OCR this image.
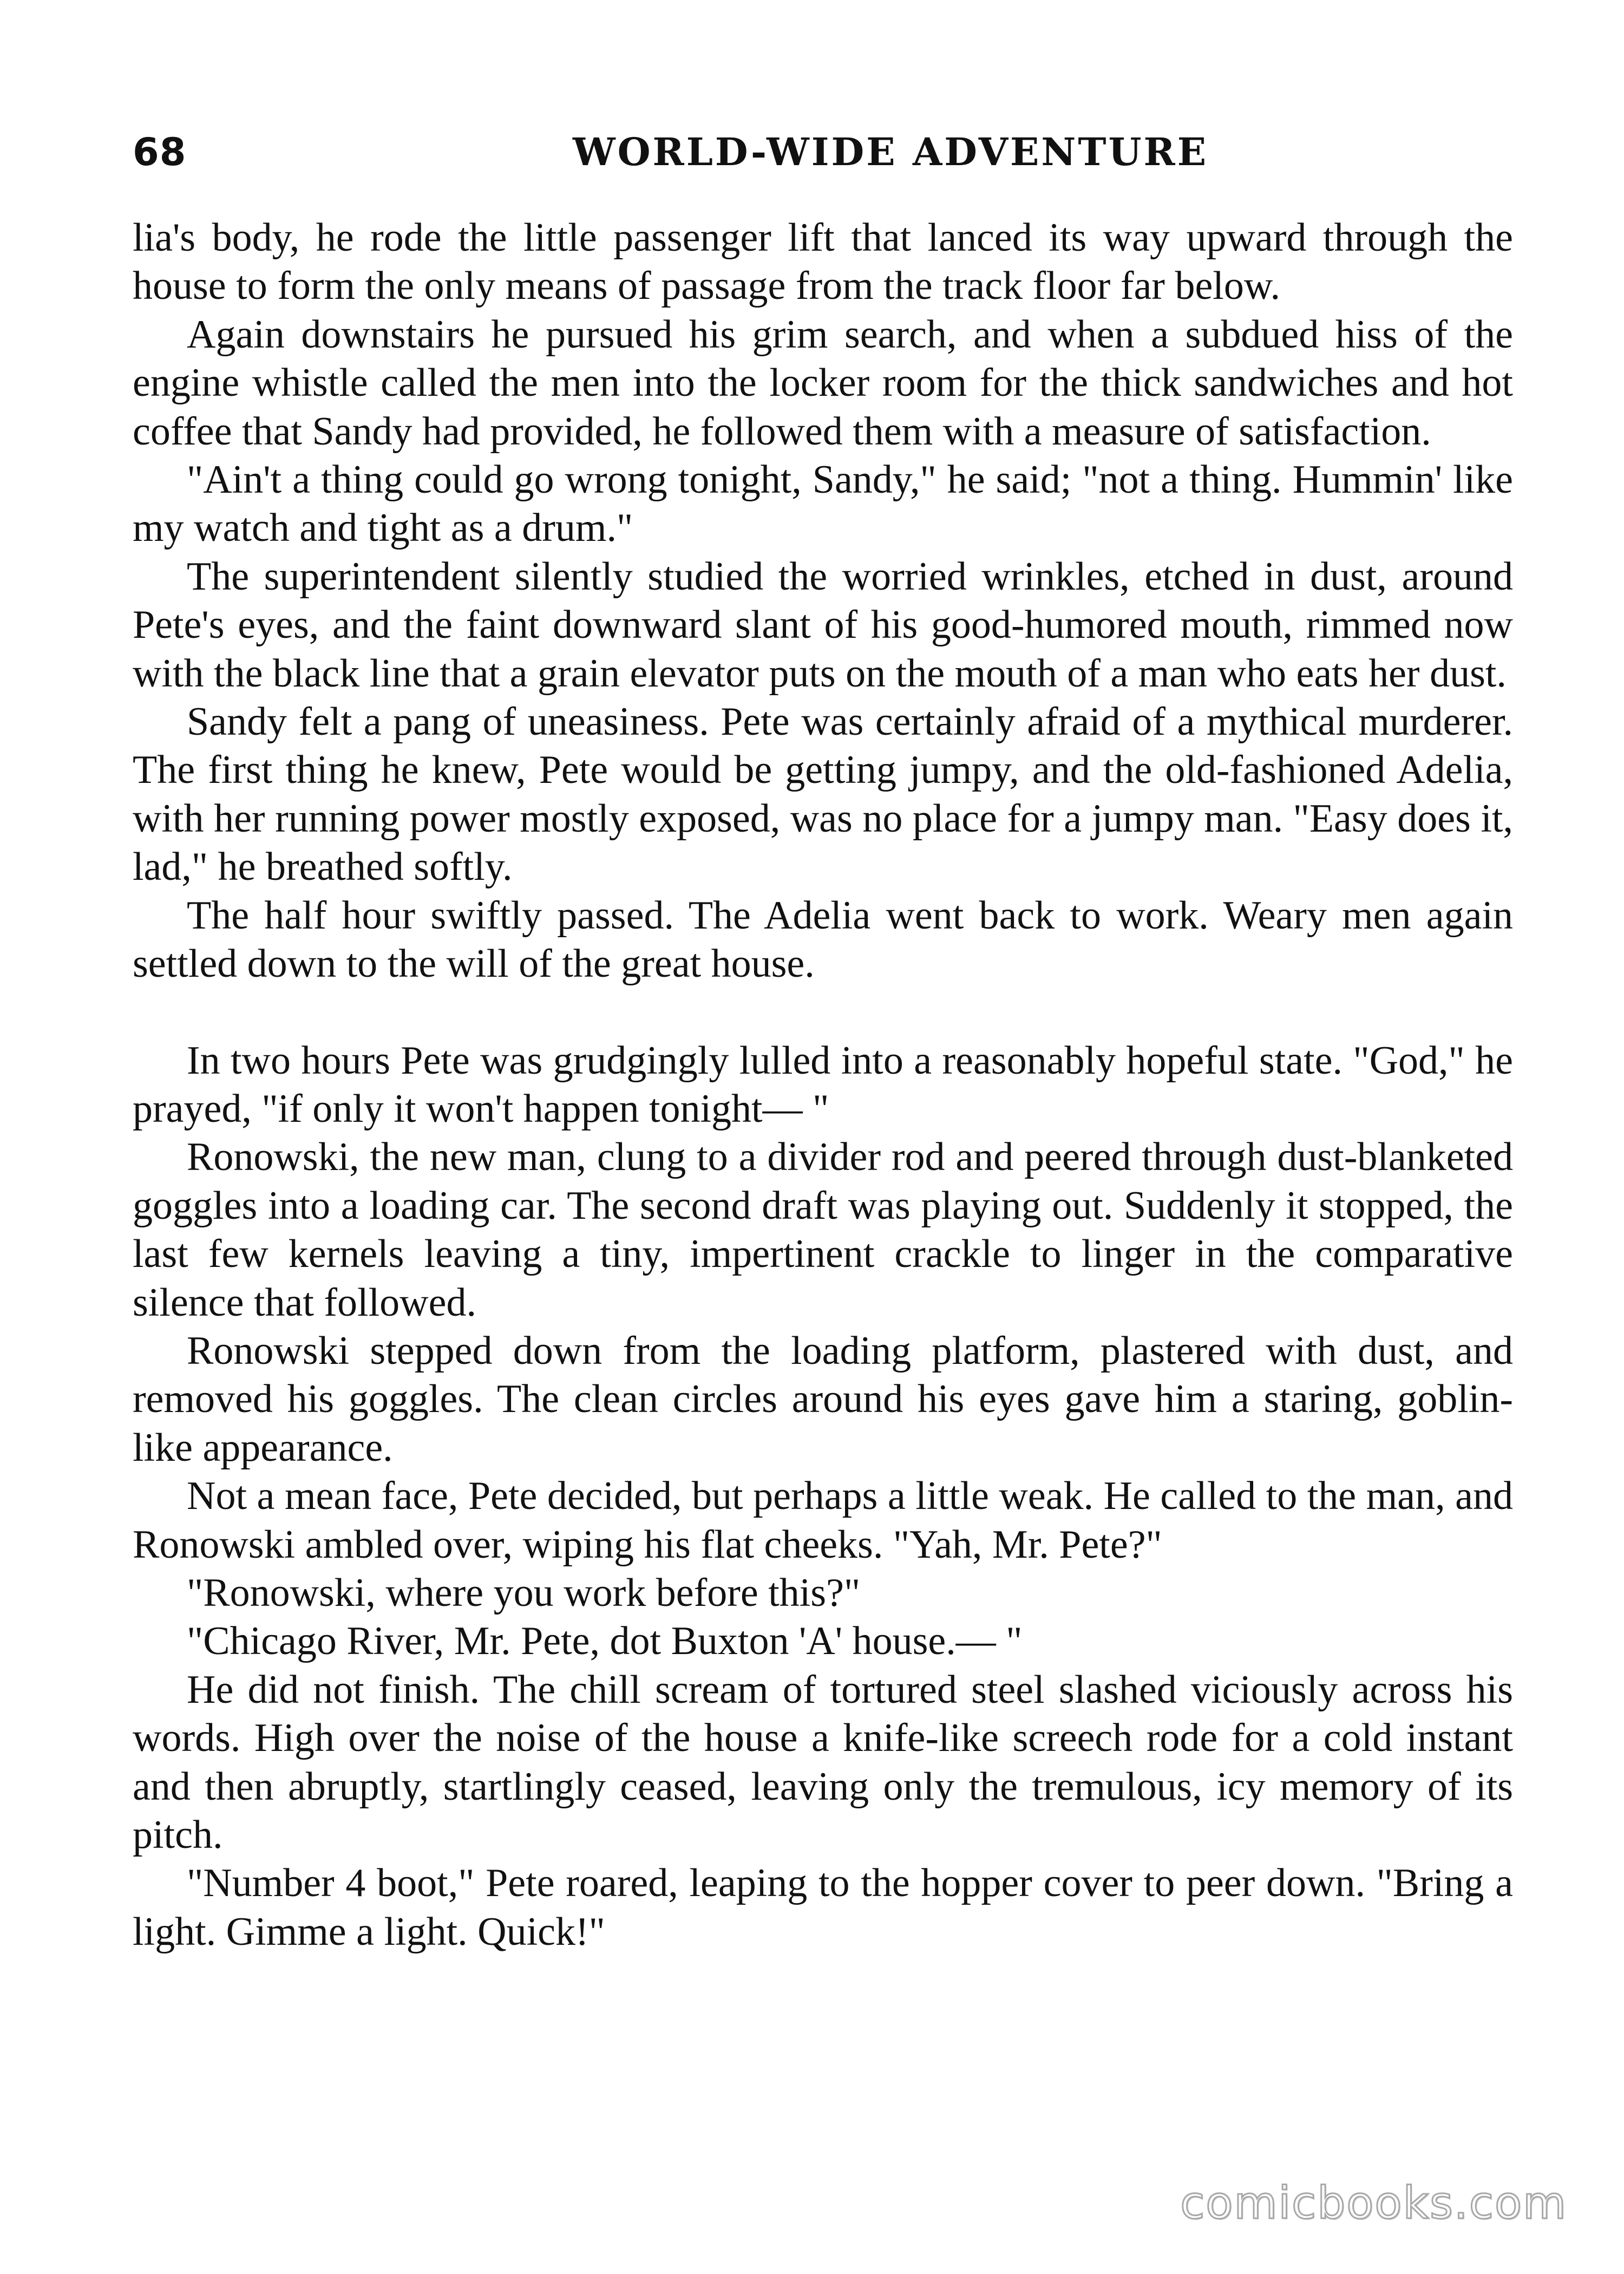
68	WORLD-WIDE ADVENTURE

lia's body, he rode the little passenger lift that lanced its way upward through the house to form the only means of passage from the track floor far below.

Again downstairs he pursued his grim search, and when a subdued hiss of the engine whistle called the men into the locker room for the thick sandwiches and hot coffee that Sandy had provided, he followed them with a measure of satisfaction.

"Ain't a thing could go wrong tonight, Sandy," he said; "not a thing. Hummin' like my watch and tight as a drum."

The superintendent silently studied the worried wrinkles, etched in dust, around Pete's eyes, and the faint downward slant of his good-humored mouth, rimmed now with the black line that a grain elevator puts on the mouth of a man who eats her dust.

Sandy felt a pang of uneasiness. Pete was certainly afraid of a mythical murderer. The first thing he knew, Pete would be getting jumpy, and the old-fashioned Adelia, with her running power mostly exposed, was no place for a jumpy man. "Easy does it, lad," he breathed softly.

The half hour swiftly passed. The Adelia went back to work. Weary men again settled down to the will of the great house.

In two hours Pete was grudgingly lulled into a reasonably hopeful state. "God," he prayed, "if only it won't happen tonight— "

Ronowski, the new man, clung to a divider rod and peered through dust-blanketed goggles into a loading car. The second draft was playing out. Suddenly it stopped, the last few kernels leaving a tiny, impertinent crackle to linger in the comparative silence that followed.

Ronowski stepped down from the loading platform, plastered with dust, and removed his goggles. The clean circles around his eyes gave him a staring, goblin-like appearance.

Not a mean face, Pete decided, but perhaps a little weak. He called to the man, and Ronowski ambled over, wiping his flat cheeks. "Yah, Mr. Pete?"

"Ronowski, where you work before this?"

"Chicago River, Mr. Pete, dot Buxton 'A' house.— "

He did not finish. The chill scream of tortured steel slashed viciously across his words. High over the noise of the house a knife-like screech rode for a cold instant and then abruptly, startlingly ceased, leaving only the tremulous, icy memory of its pitch.

"Number 4 boot," Pete roared, leaping to the hopper cover to peer down. "Bring a light. Gimme a light. Quick!"

comicbooks.com
